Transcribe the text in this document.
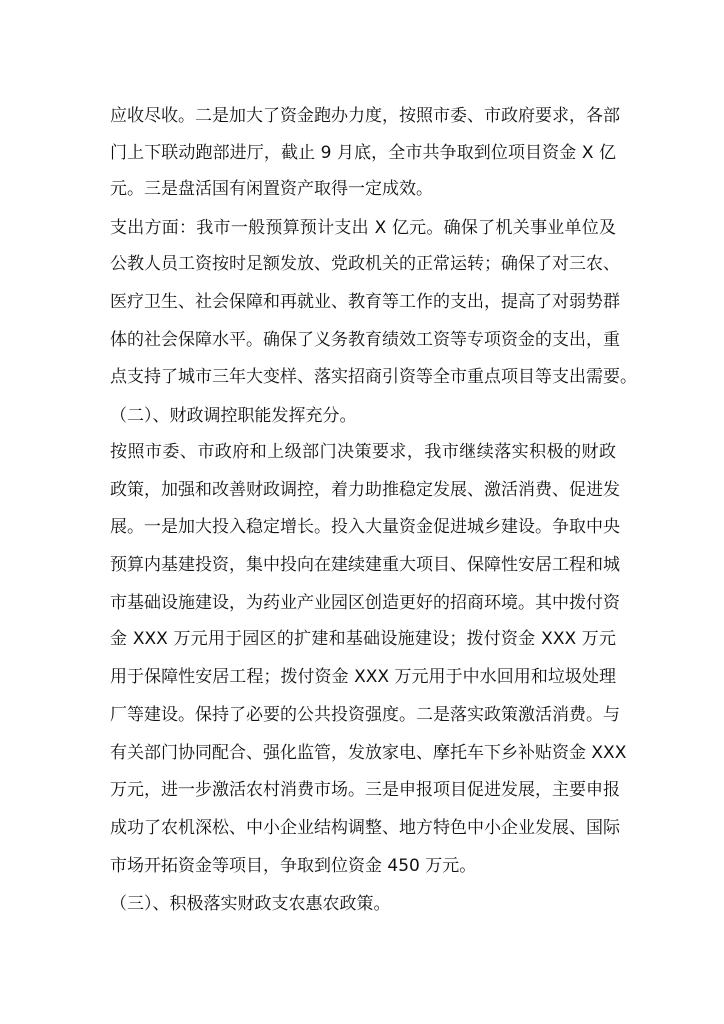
应收尽收。二是加大了资金跑办力度，按照市委、市政府要求，各部
门上下联动跑部进厅，截止 9 月底，全市共争取到位项目资金 X 亿
元。三是盘活国有闲置资产取得一定成效。
支出方面：我市一般预算预计支出 X 亿元。确保了机关事业单位及
公教人员工资按时足额发放、党政机关的正常运转；确保了对三农、
医疗卫生、社会保障和再就业、教育等工作的支出，提高了对弱势群
体的社会保障水平。确保了义务教育绩效工资等专项资金的支出，重
点支持了城市三年大变样、落实招商引资等全市重点项目等支出需要。
（二）、财政调控职能发挥充分。
按照市委、市政府和上级部门决策要求，我市继续落实积极的财政
政策，加强和改善财政调控，着力助推稳定发展、激活消费、促进发
展。一是加大投入稳定增长。投入大量资金促进城乡建设。争取中央
预算内基建投资，集中投向在建续建重大项目、保障性安居工程和城
市基础设施建设，为药业产业园区创造更好的招商环境。其中拨付资
金 XXX 万元用于园区的扩建和基础设施建设；拨付资金 XXX 万元
用于保障性安居工程；拨付资金 XXX 万元用于中水回用和垃圾处理
厂等建设。保持了必要的公共投资强度。二是落实政策激活消费。与
有关部门协同配合、强化监管，发放家电、摩托车下乡补贴资金 XXX
万元，进一步激活农村消费市场。三是申报项目促进发展，主要申报
成功了农机深松、中小企业结构调整、地方特色中小企业发展、国际
市场开拓资金等项目，争取到位资金 450 万元。
（三）、积极落实财政支农惠农政策。
